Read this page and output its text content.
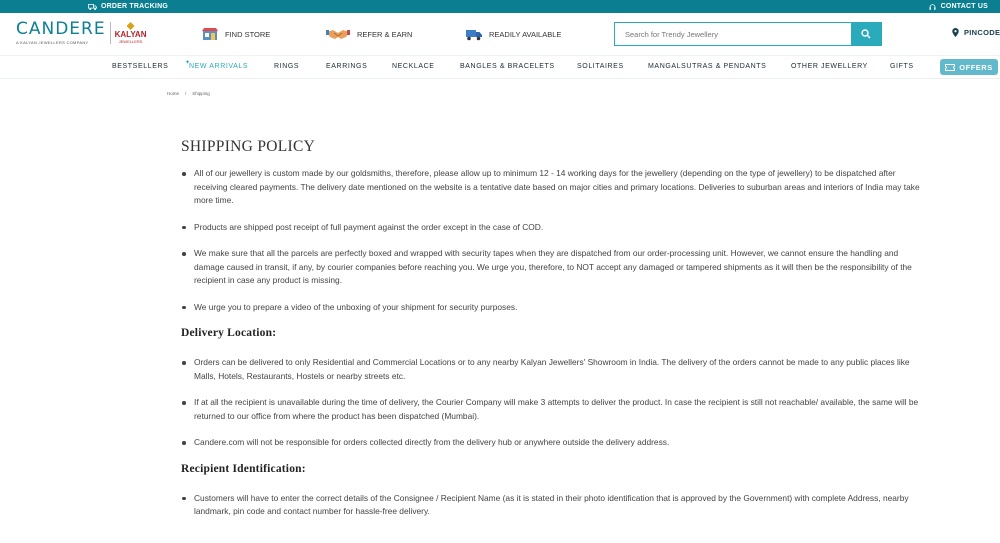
ORDER TRACKING	CONTACT US
CANDERE
A KALYAN JEWELLERS COMPANY
KALYAN
JEWELLERS
FIND STORE	REFER & EARN	READILY AVAILABLE
Search for Trendy Jewellery	PINCODE
BESTSELLERS	✦
NEW ARRIVALS	RINGS	EARRINGS	NECKLACE	BANGLES & BRACELETS	SOLITAIRES	MANGALSUTRAS & PENDANTS	OTHER JEWELLERY	GIFTS	OFFERS
Home / Shipping
SHIPPING POLICY
All of our jewellery is custom made by our goldsmiths, therefore, please allow up to minimum 12 - 14 working days for the jewellery (depending on the type of jewellery) to be dispatched after receiving cleared payments. The delivery date mentioned on the website is a tentative date based on major cities and primary locations. Deliveries to suburban areas and interiors of India may take more time.
Products are shipped post receipt of full payment against the order except in the case of COD.
We make sure that all the parcels are perfectly boxed and wrapped with security tapes when they are dispatched from our order-processing unit. However, we cannot ensure the handling and damage caused in transit, if any, by courier companies before reaching you. We urge you, therefore, to NOT accept any damaged or tampered shipments as it will then be the responsibility of the recipient in case any product is missing.
We urge you to prepare a video of the unboxing of your shipment for security purposes.
Delivery Location:
Orders can be delivered to only Residential and Commercial Locations or to any nearby Kalyan Jewellers' Showroom in India. The delivery of the orders cannot be made to any public places like Malls, Hotels, Restaurants, Hostels or nearby streets etc.
If at all the recipient is unavailable during the time of delivery, the Courier Company will make 3 attempts to deliver the product. In case the recipient is still not reachable/ available, the same will be returned to our office from where the product has been dispatched (Mumbai).
Candere.com will not be responsible for orders collected directly from the delivery hub or anywhere outside the delivery address.
Recipient Identification:
Customers will have to enter the correct details of the Consignee / Recipient Name (as it is stated in their photo identification that is approved by the Government) with complete Address, nearby landmark, pin code and contact number for hassle-free delivery.
